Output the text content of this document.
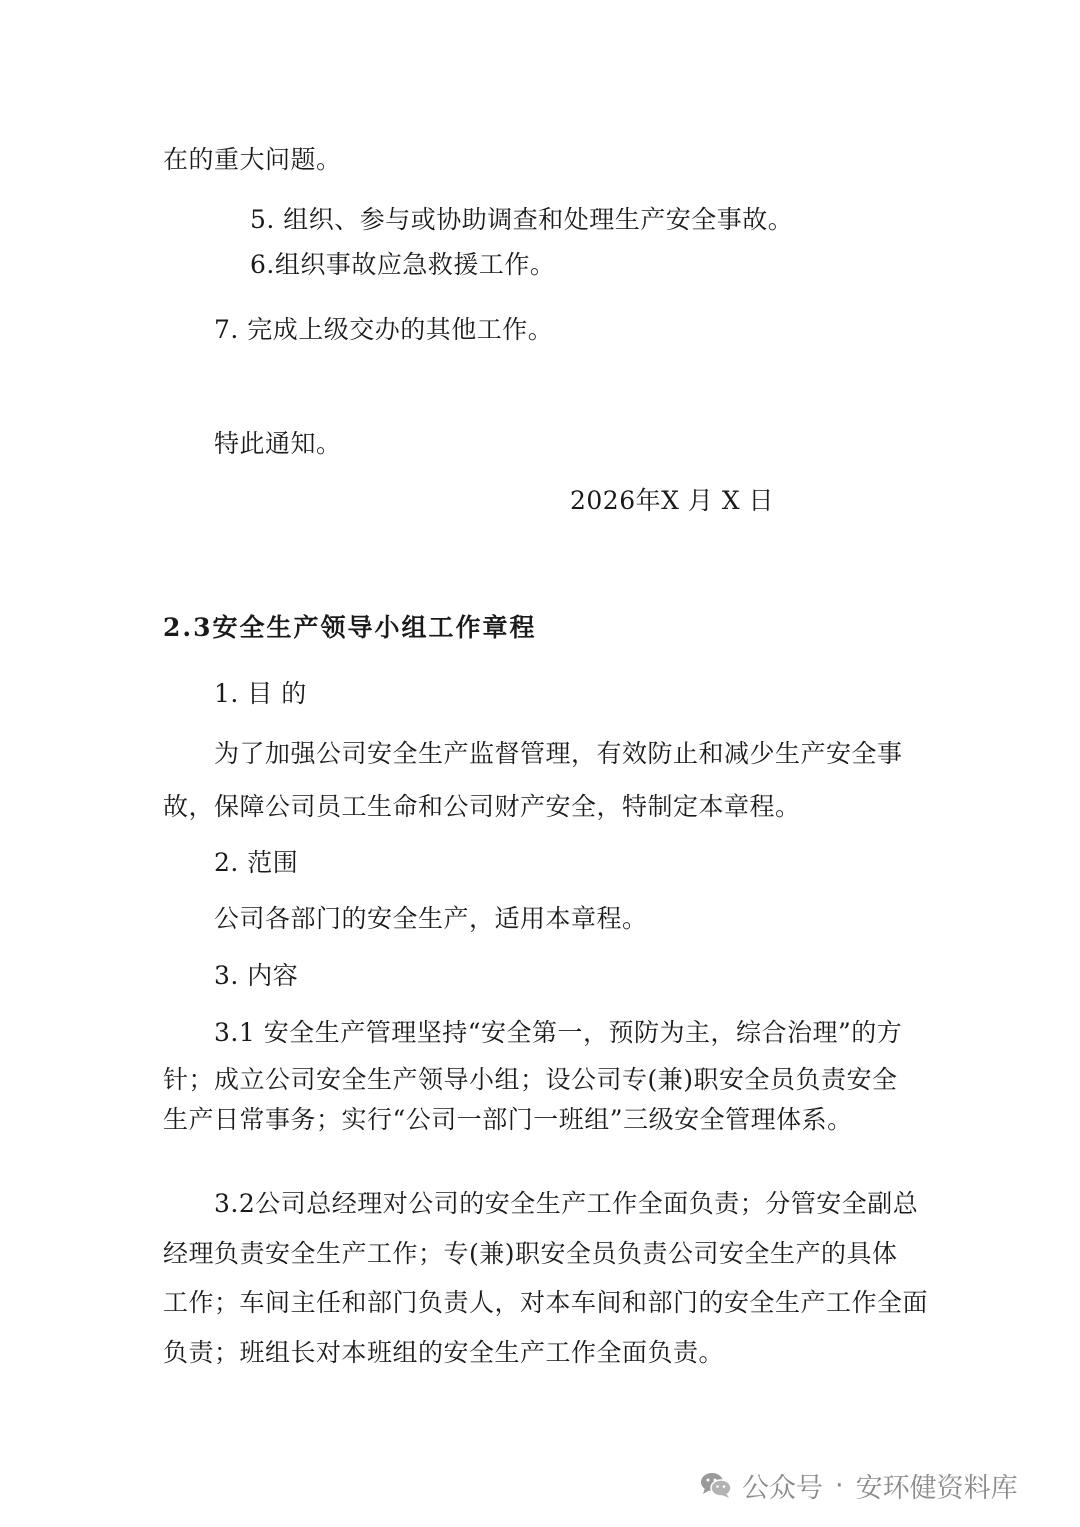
在的重大问题。
5. 组织、参与或协助调查和处理生产安全事故。
6.组织事故应急救援工作。
7. 完成上级交办的其他工作。
特此通知。
2026年X 月 X 日
2.3安全生产领导小组工作章程
1. 目 的
为了加强公司安全生产监督管理，有效防止和减少生产安全事
故，保障公司员工生命和公司财产安全，特制定本章程。
2. 范围
公司各部门的安全生产，适用本章程。
3. 内容
3.1 安全生产管理坚持“安全第一，预防为主，综合治理”的方
针；成立公司安全生产领导小组；设公司专(兼)职安全员负责安全
生产日常事务；实行“公司一部门一班组”三级安全管理体系。
3.2公司总经理对公司的安全生产工作全面负责；分管安全副总
经理负责安全生产工作；专(兼)职安全员负责公司安全生产的具体
工作；车间主任和部门负责人，对本车间和部门的安全生产工作全面
负责；班组长对本班组的安全生产工作全面负责。
公众号 · 安环健资料库
